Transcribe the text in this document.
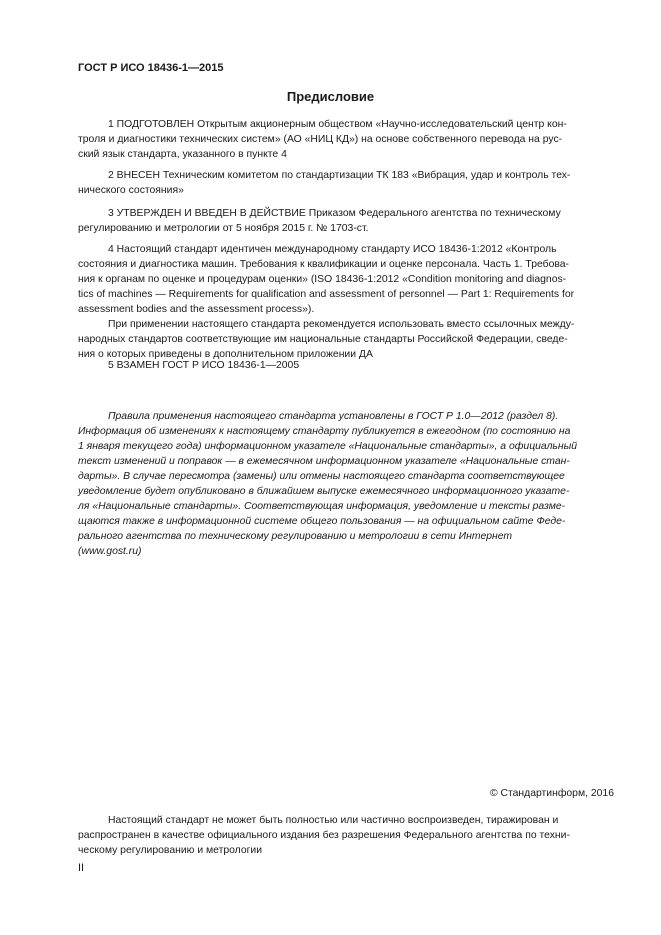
ГОСТ Р ИСО 18436-1—2015
Предисловие
1 ПОДГОТОВЛЕН Открытым акционерным обществом «Научно-исследовательский центр кон-
троля и диагностики технических систем» (АО «НИЦ КД») на основе собственного перевода на рус-
ский язык стандарта, указанного в пункте 4
2 ВНЕСЕН Техническим комитетом по стандартизации ТК 183 «Вибрация, удар и контроль тех-
нического состояния»
3 УТВЕРЖДЕН И ВВЕДЕН В ДЕЙСТВИЕ Приказом Федерального агентства по техническому
регулированию и метрологии от 5 ноября 2015 г. № 1703-ст.
4 Настоящий стандарт идентичен международному стандарту ИСО 18436-1:2012 «Контроль
состояния и диагностика машин. Требования к квалификации и оценке персонала. Часть 1. Требова-
ния к органам по оценке и процедурам оценки» (ISO 18436-1:2012 «Condition monitoring and diagnos-
tics of machines — Requirements for qualification and assessment of personnel — Part 1: Requirements for
assessment bodies and the assessment process»).
При применении настоящего стандарта рекомендуется использовать вместо ссылочных между-
народных стандартов соответствующие им национальные стандарты Российской Федерации, сведе-
ния о которых приведены в дополнительном приложении ДА
5 ВЗАМЕН ГОСТ Р ИСО 18436-1—2005
Правила применения настоящего стандарта установлены в ГОСТ Р 1.0—2012 (раздел 8).
Информация об изменениях к настоящему стандарту публикуется в ежегодном (по состоянию на
1 января текущего года) информационном указателе «Национальные стандарты», а официальный
текст изменений и поправок — в ежемесячном информационном указателе «Национальные стан-
дарты». В случае пересмотра (замены) или отмены настоящего стандарта соответствующее
уведомление будет опубликовано в ближайшем выпуске ежемесячного информационного указате-
ля «Национальные стандарты». Соответствующая информация, уведомление и тексты разме-
щаются также в информационной системе общего пользования — на официальном сайте Феде-
рального агентства по техническому регулированию и метрологии в сети Интернет
(www.gost.ru)
© Стандартинформ, 2016
Настоящий стандарт не может быть полностью или частично воспроизведен, тиражирован и
распространен в качестве официального издания без разрешения Федерального агентства по техни-
ческому регулированию и метрологии
II
